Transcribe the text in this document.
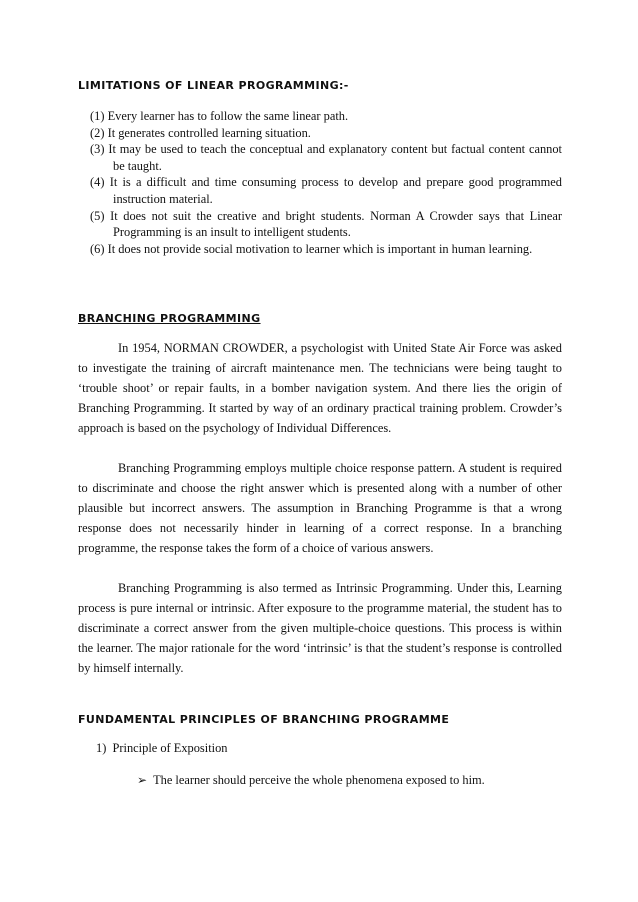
LIMITATIONS OF LINEAR PROGRAMMING:-
(1) Every learner has to follow the same linear path.
(2) It generates controlled learning situation.
(3) It may be used to teach the conceptual and explanatory content but factual content cannot be taught.
(4) It is a difficult and time consuming process to develop and prepare good programmed instruction material.
(5) It does not suit the creative and bright students. Norman A Crowder says that Linear Programming is an insult to intelligent students.
(6) It does not provide social motivation to learner which is important in human learning.
BRANCHING PROGRAMMING

In 1954, NORMAN CROWDER, a psychologist with United State Air Force was asked to investigate the training of aircraft maintenance men. The technicians were being taught to ‘trouble shoot’ or repair faults, in a bomber navigation system. And there lies the origin of Branching Programming. It started by way of an ordinary practical training problem. Crowder’s approach is based on the psychology of Individual Differences.

Branching Programming employs multiple choice response pattern. A student is required to discriminate and choose the right answer which is presented along with a number of other plausible but incorrect answers. The assumption in Branching Programme is that a wrong response does not necessarily hinder in learning of a correct response. In a branching programme, the response takes the form of a choice of various answers.

Branching Programming is also termed as Intrinsic Programming. Under this, Learning process is pure internal or intrinsic. After exposure to the programme material, the student has to discriminate a correct answer from the given multiple-choice questions. This process is within the learner. The major rationale for the word ‘intrinsic’ is that the student’s response is controlled by himself internally.

FUNDAMENTAL PRINCIPLES OF BRANCHING PROGRAMME
1) Principle of Exposition
➢ The learner should perceive the whole phenomena exposed to him.
